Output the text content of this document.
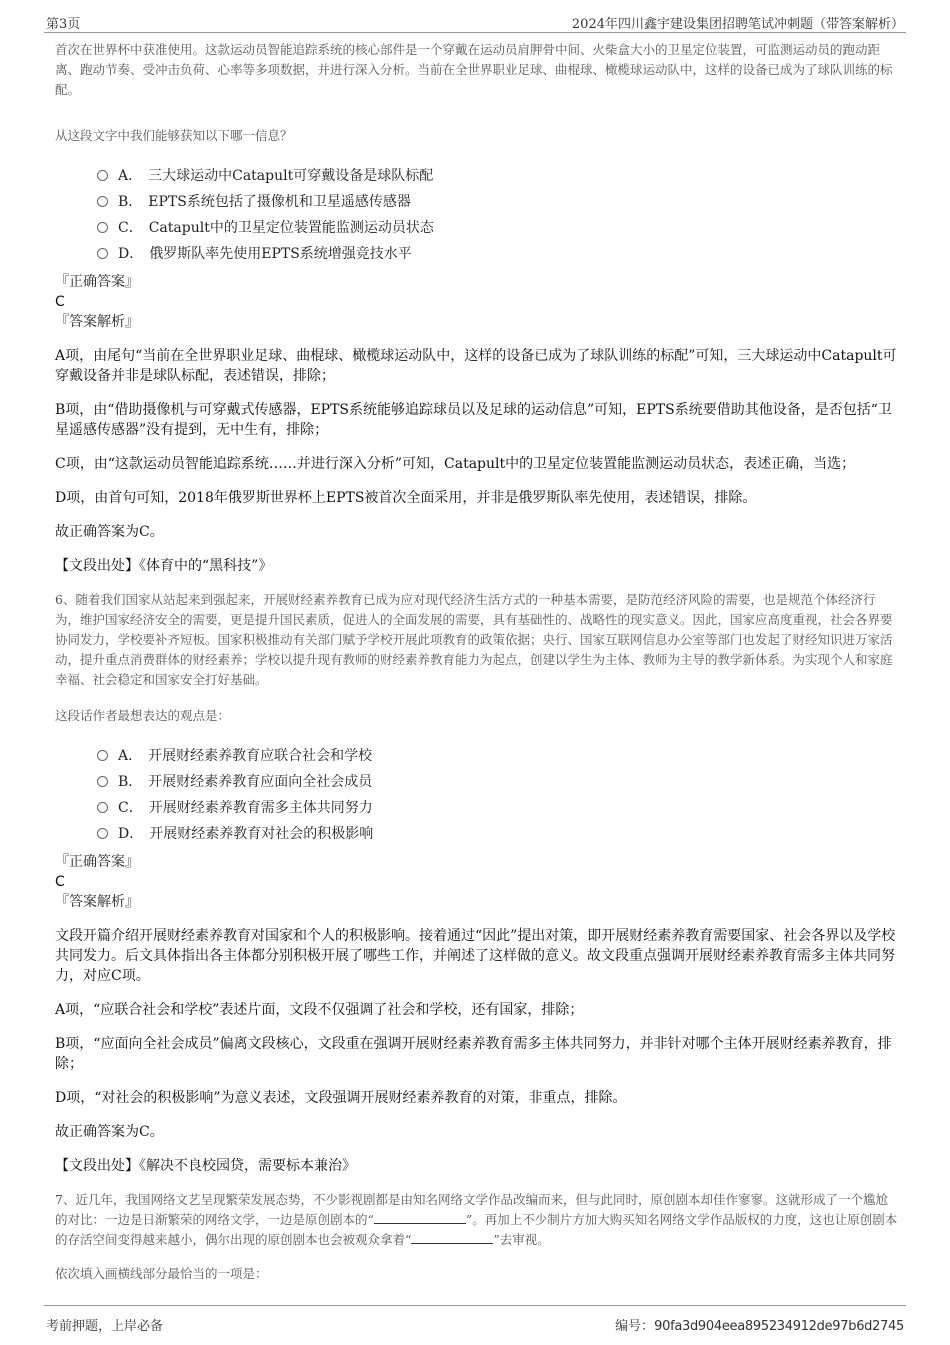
第3页	2024年四川鑫宇建设集团招聘笔试冲刺题（带答案解析）

首次在世界杯中获准使用。这款运动员智能追踪系统的核心部件是一个穿戴在运动员肩胛骨中间、火柴盒大小的卫星定位装置，可监测运动员的跑动距离、跑动节奏、受冲击负荷、心率等多项数据，并进行深入分析。当前在全世界职业足球、曲棍球、橄榄球运动队中，这样的设备已成为了球队训练的标配。

从这段文字中我们能够获知以下哪一信息？

A． 三大球运动中Catapult可穿戴设备是球队标配
B． EPTS系统包括了摄像机和卫星遥感传感器
C． Catapult中的卫星定位装置能监测运动员状态
D． 俄罗斯队率先使用EPTS系统增强竞技水平

『正确答案』

C

『答案解析』

A项，由尾句“当前在全世界职业足球、曲棍球、橄榄球运动队中，这样的设备已成为了球队训练的标配”可知，三大球运动中Catapult可穿戴设备并非是球队标配，表述错误，排除；

B项，由“借助摄像机与可穿戴式传感器，EPTS系统能够追踪球员以及足球的运动信息”可知，EPTS系统要借助其他设备，是否包括“卫星遥感传感器”没有提到，无中生有，排除；

C项，由“这款运动员智能追踪系统……并进行深入分析”可知，Catapult中的卫星定位装置能监测运动员状态，表述正确，当选；

D项，由首句可知，2018年俄罗斯世界杯上EPTS被首次全面采用，并非是俄罗斯队率先使用，表述错误，排除。

故正确答案为C。

【文段出处】《体育中的“黑科技”》

6、随着我们国家从站起来到强起来，开展财经素养教育已成为应对现代经济生活方式的一种基本需要，是防范经济风险的需要，也是规范个体经济行为，维护国家经济安全的需要，更是提升国民素质，促进人的全面发展的需要，具有基础性的、战略性的现实意义。因此，国家应高度重视，社会各界要协同发力，学校要补齐短板。国家积极推动有关部门赋予学校开展此项教育的政策依据；央行、国家互联网信息办公室等部门也发起了财经知识进万家活动，提升重点消费群体的财经素养；学校以提升现有教师的财经素养教育能力为起点，创建以学生为主体、教师为主导的教学新体系。为实现个人和家庭幸福、社会稳定和国家安全打好基础。

这段话作者最想表达的观点是：

A． 开展财经素养教育应联合社会和学校
B． 开展财经素养教育应面向全社会成员
C． 开展财经素养教育需多主体共同努力
D． 开展财经素养教育对社会的积极影响

『正确答案』

C

『答案解析』

文段开篇介绍开展财经素养教育对国家和个人的积极影响。接着通过“因此”提出对策，即开展财经素养教育需要国家、社会各界以及学校共同发力。后文具体指出各主体都分别积极开展了哪些工作，并阐述了这样做的意义。故文段重点强调开展财经素养教育需多主体共同努力，对应C项。

A项，“应联合社会和学校”表述片面，文段不仅强调了社会和学校，还有国家，排除；

B项，“应面向全社会成员”偏离文段核心，文段重在强调开展财经素养教育需多主体共同努力，并非针对哪个主体开展财经素养教育，排除；

D项，“对社会的积极影响”为意义表述，文段强调开展财经素养教育的对策，非重点，排除。

故正确答案为C。

【文段出处】《解决不良校园贷，需要标本兼治》

7、近几年，我国网络文艺呈现繁荣发展态势，不少影视剧都是由知名网络文学作品改编而来，但与此同时，原创剧本却佳作寥寥。这就形成了一个尴尬的对比：一边是日渐繁荣的网络文学，一边是原创剧本的“	”。再加上不少制片方加大购买知名网络文学作品版权的力度，这也让原创剧本的存活空间变得越来越小，偶尔出现的原创剧本也会被观众拿着“	”去审视。

依次填入画横线部分最恰当的一项是：

考前押题，上岸必备	编号：90fa3d904eea895234912de97b6d2745
